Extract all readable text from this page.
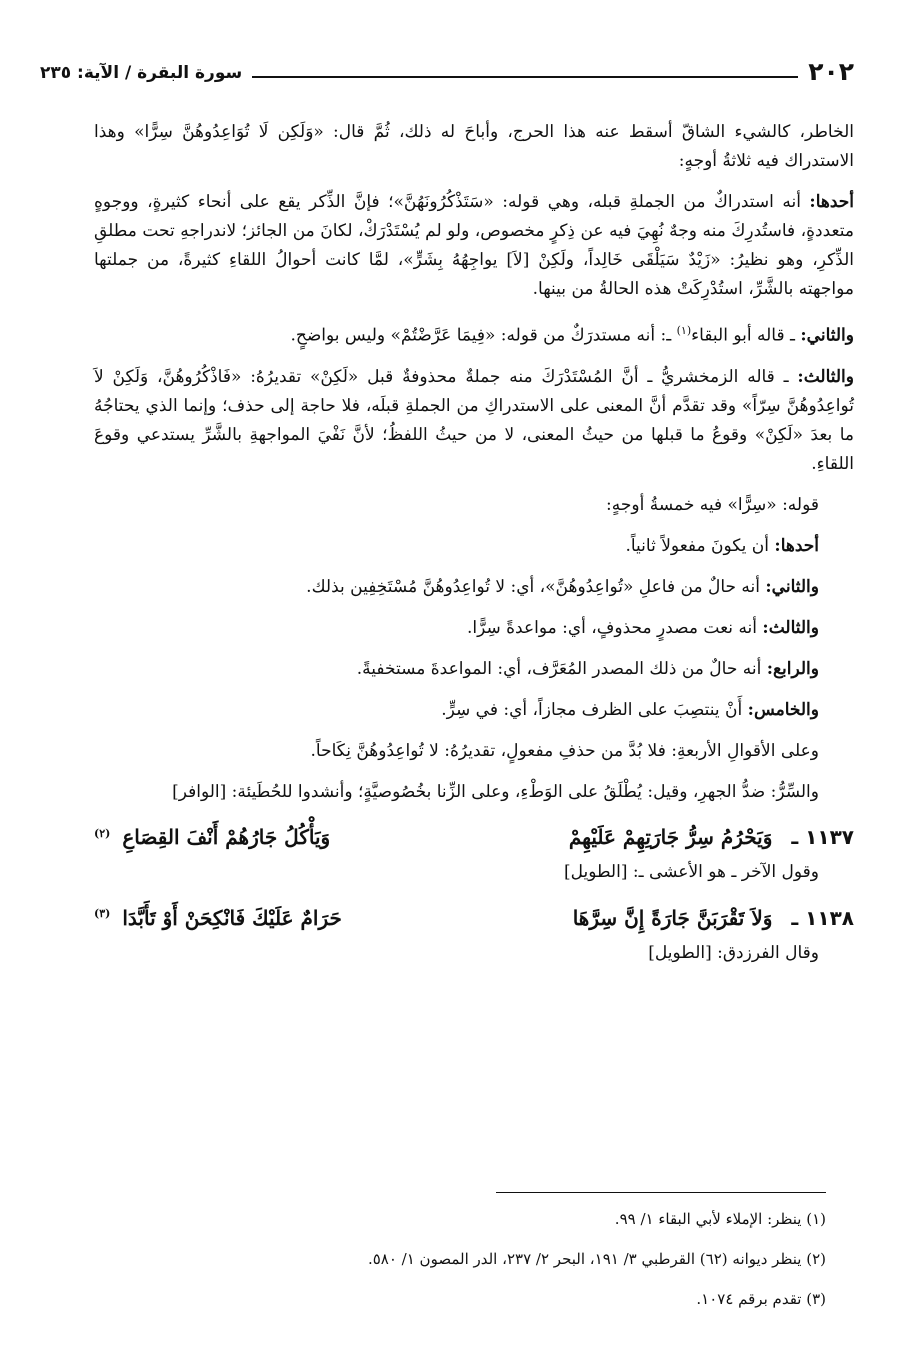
٢٠٢
سورة البقرة / الآية: ٢٣٥

الخاطر، كالشيء الشاقّ أسقط عنه هذا الحرج، وأباحَ له ذلك، ثُمَّ قال: «وَلَكِن لَا تُوَاعِدُوهُنَّ سِرًّا» وهذا الاستدراك فيه ثلاثةُ أوجهٍ:

أحدها: أنه استدراكٌ من الجملةِ قبله، وهي قوله: «سَتَذْكُرُونَهُنَّ»؛ فإنَّ الذِّكر يقع على أنحاء كثيرةٍ، ووجوهٍ متعددةٍ، فاستُدرِكَ منه وجهٌ نُهِيَ فيه عن ذِكرٍ مخصوص، ولو لم يُسْتَدْرَكْ، لكانَ من الجائز؛ لاندراجهِ تحت مطلقِ الذِّكرِ، وهو نظيرُ: «زَيْدٌ سَيَلْقَى خَالِداً، ولَكِنْ [لاَ] يواجِهُهُ بِشَرٍّ»، لمَّا كانت أحوالُ اللقاءِ كثيرةً، من جملتها مواجهته بالشَّرِّ، استُدْرِكَتْ هذه الحالةُ من بينها.

والثاني: ـ قاله أبو البقاء$^{(١)}$ ـ: أنه مستدرَكٌ من قوله: «فِيمَا عَرَّضْتُمْ» وليس بواضحٍ.

والثالث: ـ قاله الزمخشريُّ ـ أنَّ المُسْتَدْرَكَ منه جملةٌ محذوفةٌ قبل «لَكِنْ» تقديرُهُ: «فَاذْكُرُوهُنَّ، وَلَكِنْ لاَ تُواعِدُوهُنَّ سِرّاً» وقد تقدَّم أنَّ المعنى على الاستدراكِ من الجملةِ قبلَه، فلا حاجة إلى حذف؛ وإنما الذي يحتاجُهُ ما بعدَ «لَكِنْ» وقوعُ ما قبلها من حيثُ المعنى، لا من حيثُ اللفظُ؛ لأنَّ نَفْيَ المواجهةِ بالشَّرِّ يستدعي وقوعَ اللقاءِ.

قوله: «سِرًّا» فيه خمسةُ أوجهٍ:

أحدها: أن يكونَ مفعولاً ثانياً.

والثاني: أنه حالٌ من فاعلِ «تُواعِدُوهُنَّ»، أي: لا تُواعِدُوهُنَّ مُسْتَخِفِين بذلك.

والثالث: أنه نعت مصدرٍ محذوفٍ، أي: مواعدةً سِرًّا.

والرابع: أنه حالٌ من ذلك المصدر المُعَرَّف، أي: المواعدةَ مستخفيةً.

والخامس: أَنْ ينتصِبَ على الظرف مجازاً، أي: في سِرٍّ.

وعلى الأقوالِ الأربعةِ: فلا بُدَّ من حذفِ مفعولٍ، تقديرُهُ: لا تُواعِدُوهُنَّ نِكَاحاً.

والسِّرُّ: ضدُّ الجهرِ، وقيل: يُطْلَقُ على الوَطْءِ، وعلى الزِّنا بخُصُوصيَّةٍ؛ وأنشدوا للحُطَيئة: [الوافر]

١١٣٧ ـ وَيَحْرُمُ سِرُّ جَارَتِهِمْ عَلَيْهِمْ
وَيَأْكُلُ جَارُهُمْ أَنْفَ القِصَاعِ$^{(٢)}$

وقول الآخر ـ هو الأعشى ـ: [الطويل]

١١٣٨ ـ وَلاَ تَقْرَبَنَّ جَارَةً إِنَّ سِرَّهَا
حَرَامٌ عَلَيْكَ فَانْكِحَنْ أَوْ تَأَبَّدَا$^{(٣)}$

وقال الفرزدق: [الطويل]

(١) ينظر: الإملاء لأبي البقاء ١/ ٩٩.
(٢) ينظر ديوانه (٦٢) القرطبي ٣/ ١٩١، البحر ٢/ ٢٣٧، الدر المصون ١/ ٥٨٠.
(٣) تقدم برقم ١٠٧٤.
